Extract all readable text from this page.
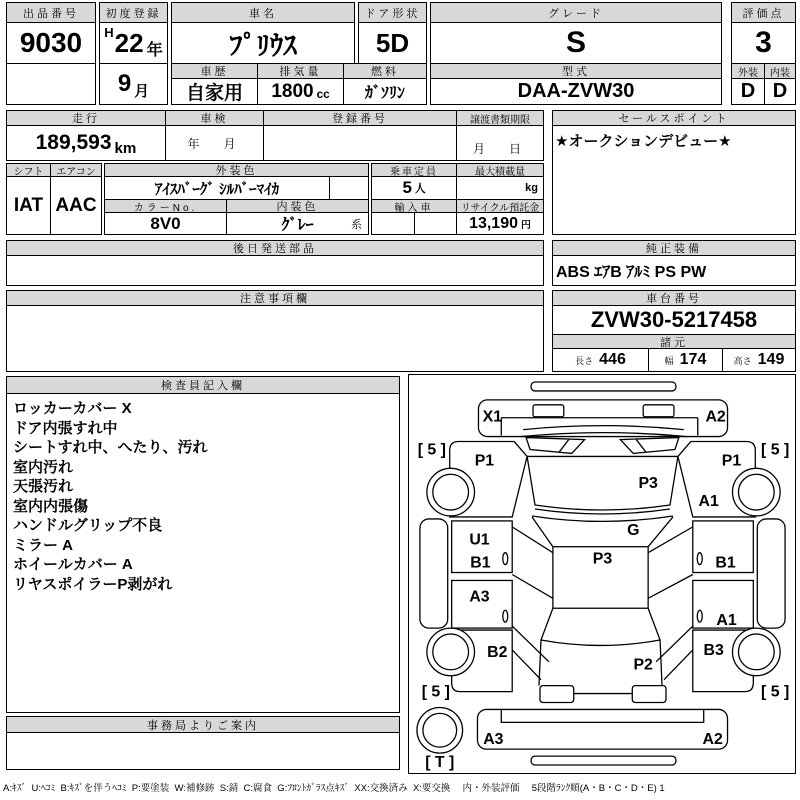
出品番号
9030
初度登録
H 22 年
9 月
車名
ﾌﾟﾘｳｽ
ドア形状
5D
グレード
S
評価点
3
車歴
自家用
排気量
1800 cc
燃料
ｶﾞｿﾘﾝ
型式
DAA-ZVW30
外装
D
内装
D
走行
189,593 km
車検
年　月
登録番号	譲渡書類期限
月　日
セールスポイント
★オークションデビュー★
シフト
IAT
エアコン
AAC
外装色
ｱｲｽﾊﾞｰｸﾞ ｼﾙﾊﾞｰﾏｲｶ
カラーNo.
8V0
内装色
ｸﾞﾚｰ	系
乗車定員
5 人
最大積載量
kg
輸入車	リサイクル預託金
13,190 円
後日発送部品	純正装備
ABS ｴｱB ｱﾙﾐ PS PW
注意事項欄	車台番号
ZVW30-5217458
諸元
長さ 446	幅 174	高さ 149
検査員記入欄
ロッカーカバー X
ドア内張すれ中
シートすれ中、へたり、汚れ
室内汚れ
天張汚れ
室内内張傷
ハンドルグリップ不良
ミラー A
ホイールカバー A
リヤスポイラーP剥がれ
事務局よりご案内
X1	A2
P1	P1
P3
A1
G
P3
U1
B1
A3
B1
A1
B2	B3
P2
A3	A2
[ 5 ]	[ 5 ]
[ 5 ]	[ 5 ]
[ T ]
A:ｷｽﾞ  U:ﾍｺﾐ  B:ｷｽﾞを伴うﾍｺﾐ  P:要塗装  W:補修跡  S:錆  C:腐食  G:ﾌﾛﾝﾄｶﾞﾗｽ点ｷｽﾞ  XX:交換済み  X:要交換　 内・外装評価　 5段階ﾗﾝｸ順(A・B・C・D・E) 1
